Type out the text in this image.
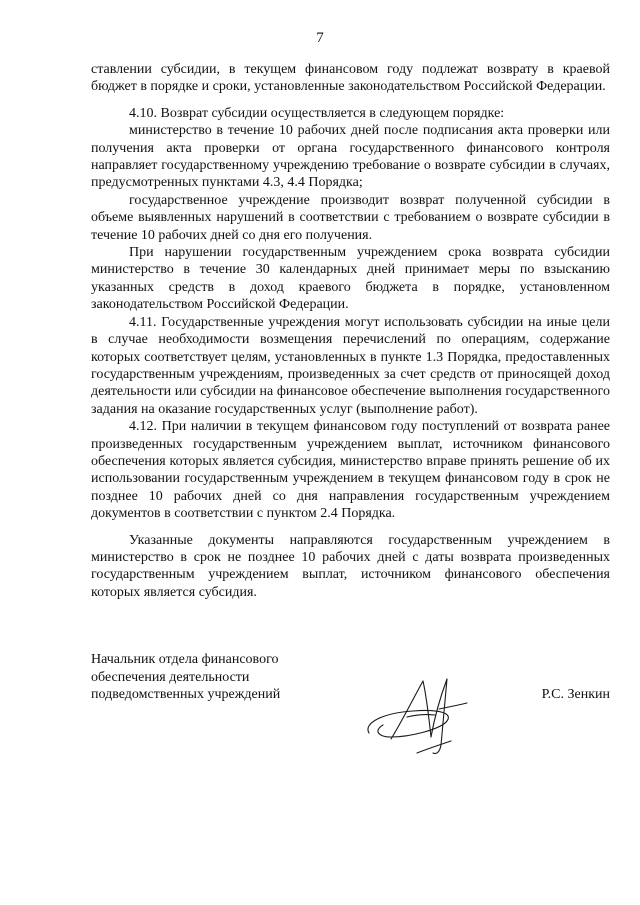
7

ставлении субсидии, в текущем финансовом году подлежат возврату в краевой бюджет в порядке и сроки, установленные законодательством Российской Федерации.

4.10. Возврат субсидии осуществляется в следующем порядке:

министерство в течение 10 рабочих дней после подписания акта проверки или получения акта проверки от органа государственного финансового контроля направляет государственному учреждению требование о возврате субсидии в случаях, предусмотренных пунктами 4.3, 4.4 Порядка;

государственное учреждение производит возврат полученной субсидии в объеме выявленных нарушений в соответствии с требованием о возврате субсидии в течение 10 рабочих дней со дня его получения.

При нарушении государственным учреждением срока возврата субсидии министерство в течение 30 календарных дней принимает меры по взысканию указанных средств в доход краевого бюджета в порядке, установленном законодательством Российской Федерации.

4.11. Государственные учреждения могут использовать субсидии на иные цели в случае необходимости возмещения перечислений по операциям, содержание которых соответствует целям, установленных в пункте 1.3 Порядка, предоставленных государственным учреждениям, произведенных за счет средств от приносящей доход деятельности или субсидии на финансовое обеспечение выполнения государственного задания на оказание государственных услуг (выполнение работ).

4.12. При наличии в текущем финансовом году поступлений от возврата ранее произведенных государственным учреждением выплат, источником финансового обеспечения которых является субсидия, министерство вправе принять решение об их использовании государственным учреждением в текущем финансовом году в срок не позднее 10 рабочих дней со дня направления государственным учреждением документов в соответствии с пунктом 2.4 Порядка.

Указанные документы направляются государственным учреждением в министерство в срок не позднее 10 рабочих дней с даты возврата произведенных государственным учреждением выплат, источником финансового обеспечения которых является субсидия.

Начальник отдела финансового
обеспечения деятельности
подведомственных учреждений	Р.С. Зенкин
